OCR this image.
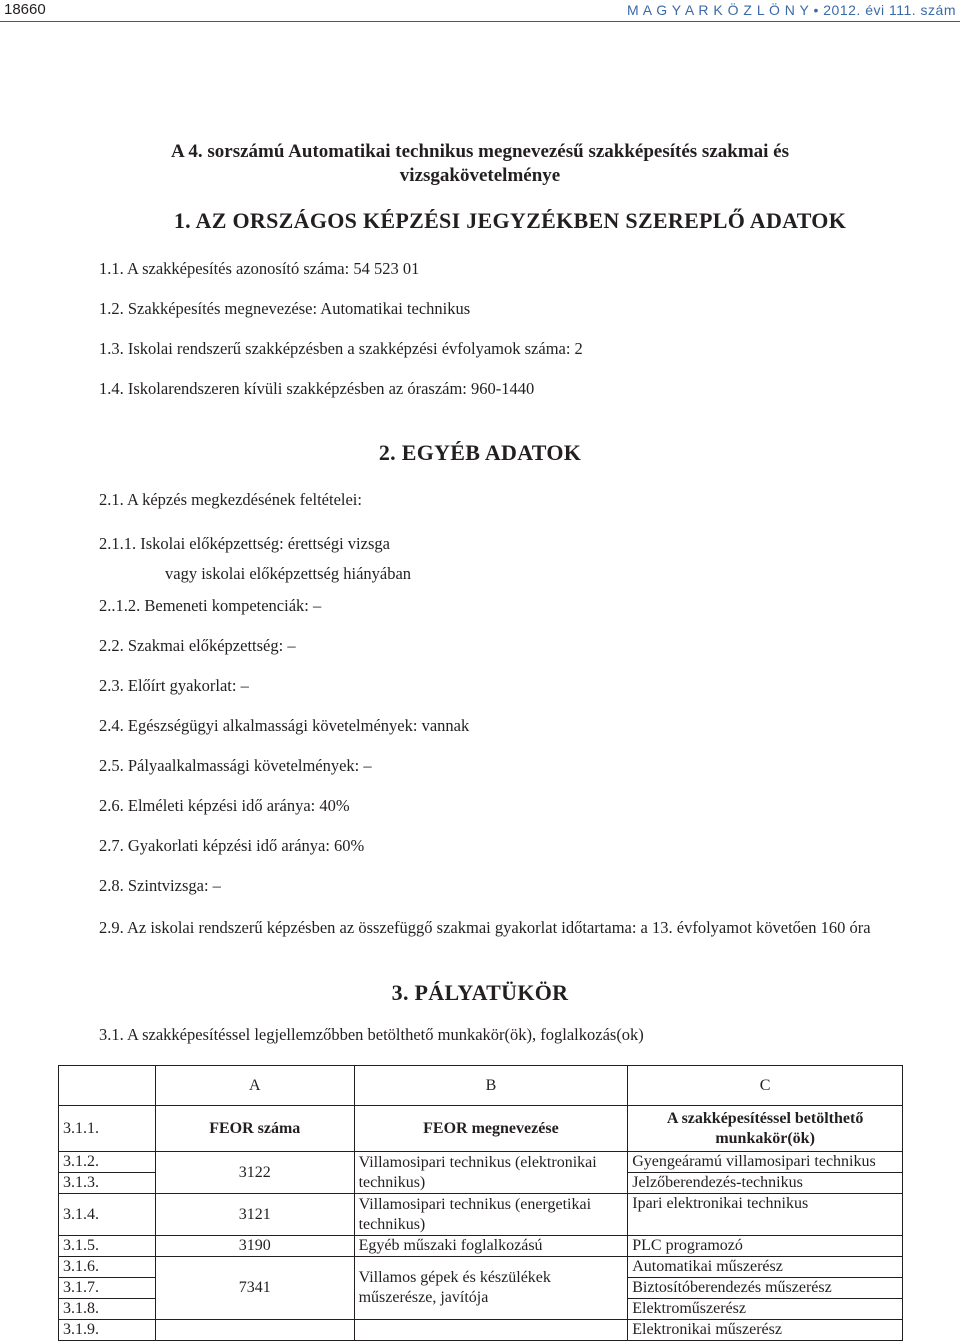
18660	M A G Y A R K Ö Z L Ö N Y • 2012. évi 111. szám
A 4. sorszámú Automatikai technikus megnevezésű szakképesítés szakmai és vizsgakövetelménye
1. AZ ORSZÁGOS KÉPZÉSI JEGYZÉKBEN SZEREPLŐ ADATOK
1.1. A szakképesítés azonosító száma: 54 523 01
1.2. Szakképesítés megnevezése: Automatikai technikus
1.3. Iskolai rendszerű szakképzésben a szakképzési évfolyamok száma: 2
1.4. Iskolarendszeren kívüli szakképzésben az óraszám: 960-1440
2. EGYÉB ADATOK
2.1. A képzés megkezdésének feltételei:
2.1.1. Iskolai előképzettség: érettségi vizsga
vagy iskolai előképzettség hiányában
2..1.2. Bemeneti kompetenciák: –
2.2. Szakmai előképzettség: –
2.3. Előírt gyakorlat: –
2.4. Egészségügyi alkalmassági követelmények: vannak
2.5. Pályaalkalmassági követelmények: –
2.6. Elméleti képzési idő aránya: 40%
2.7. Gyakorlati képzési idő aránya: 60%
2.8. Szintvizsga: –
2.9. Az iskolai rendszerű képzésben az összefüggő szakmai gyakorlat időtartama: a 13. évfolyamot követően 160 óra
3. PÁLYATÜKÖR
3.1. A szakképesítéssel legjellemzőbben betölthető munkakör(ök), foglalkozás(ok)
	A	B	C
3.1.1.	FEOR száma	FEOR megnevezése	A szakképesítéssel betölthető munkakör(ök)
3.1.2.	3122	Villamosipari technikus (elektronikai technikus)	Gyengeáramú villamosipari technikus
3.1.3.			Jelzőberendezés-technikus
3.1.4.	3121	Villamosipari technikus (energetikai technikus)	Ipari elektronikai technikus
3.1.5.	3190	Egyéb műszaki foglalkozású	PLC programozó
3.1.6.	7341	Villamos gépek és készülékek műszerésze, javítója	Automatikai műszerész
3.1.7.			Biztosítóberendezés műszerész
3.1.8.			Elektroműszerész
3.1.9.			Elektronikai műszerész
